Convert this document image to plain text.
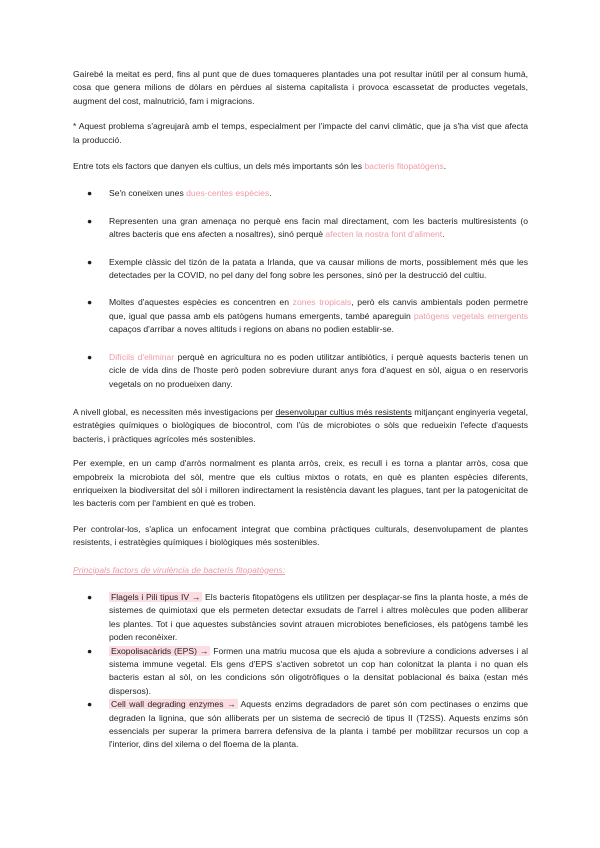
Gairebé la meitat es perd, fins al punt que de dues tomaqueres plantades una pot resultar inútil per al consum humà, cosa que genera milions de dòlars en pèrdues al sistema capitalista i provoca escassetat de productes vegetals, augment del cost, malnutrició, fam i migracions.

* Aquest problema s'agreujarà amb el temps, especialment per l'impacte del canvi climàtic, que ja s'ha vist que afecta la producció.

Entre tots els factors que danyen els cultius, un dels més importants són les bacteris fitopatògens.

● Se'n coneixen unes dues-centes espècies.
● Representen una gran amenaça no perquè ens facin mal directament, com les bacteris multiresistents (o altres bacteris que ens afecten a nosaltres), sinó perquè afecten la nostra font d'aliment.
● Exemple clàssic del tizón de la patata a Irlanda, que va causar milions de morts, possiblement més que les detectades per la COVID, no pel dany del fong sobre les persones, sinó per la destrucció del cultiu.
● Moltes d'aquestes espècies es concentren en zones tropicals, però els canvis ambientals poden permetre que, igual que passa amb els patògens humans emergents, també apareguin patògens vegetals emergents capaços d'arribar a noves altituds i regions on abans no podien establir-se.
● Difícils d'eliminar perquè en agricultura no es poden utilitzar antibiòtics, i perquè aquests bacteris tenen un cicle de vida dins de l'hoste però poden sobreviure durant anys fora d'aquest en sòl, aigua o en reservoris vegetals on no produeixen dany.

A nivell global, es necessiten més investigacions per desenvolupar cultius més resistents mitjançant enginyeria vegetal, estratègies químiques o biològiques de biocontrol, com l'ús de microbiotes o sòls que redueixin l'efecte d'aquests bacteris, i pràctiques agrícoles més sostenibles.

Per exemple, en un camp d'arròs normalment es planta arròs, creix, es recull i es torna a plantar arròs, cosa que empobreix la microbiota del sòl, mentre que els cultius mixtos o rotats, en què es planten espècies diferents, enriqueixen la biodiversitat del sòl i milloren indirectament la resistència davant les plagues, tant per la patogenicitat de les bacteris com per l'ambient en què es troben.

Per controlar-los, s'aplica un enfocament integrat que combina pràctiques culturals, desenvolupament de plantes resistents, i estratègies químiques i biològiques més sostenibles.

Principals factors de virulència de bacteris fitopatògens:

● Flagels i Pili tipus IV → Els bacteris fitopatògens els utilitzen per desplaçar-se fins la planta hoste, a més de sistemes de quimiotaxi que els permeten detectar exsudats de l'arrel i altres molècules que poden alliberar les plantes. Tot i que aquestes substàncies sovint atrauen microbiotes beneficioses, els patògens també les poden reconèixer.
● Exopolisacàrids (EPS) → Formen una matriu mucosa que els ajuda a sobreviure a condicions adverses i al sistema immune vegetal. Els gens d'EPS s'activen sobretot un cop han colonitzat la planta i no quan els bacteris estan al sòl, on les condicions són oligotròfiques o la densitat poblacional és baixa (estan més dispersos).
● Cell wall degrading enzymes → Aquests enzims degradadors de paret són com pectinases o enzims que degraden la lignina, que són alliberats per un sistema de secreció de tipus II (T2SS). Aquests enzims són essencials per superar la primera barrera defensiva de la planta i també per mobilitzar recursos un cop a l'interior, dins del xilema o del floema de la planta.
